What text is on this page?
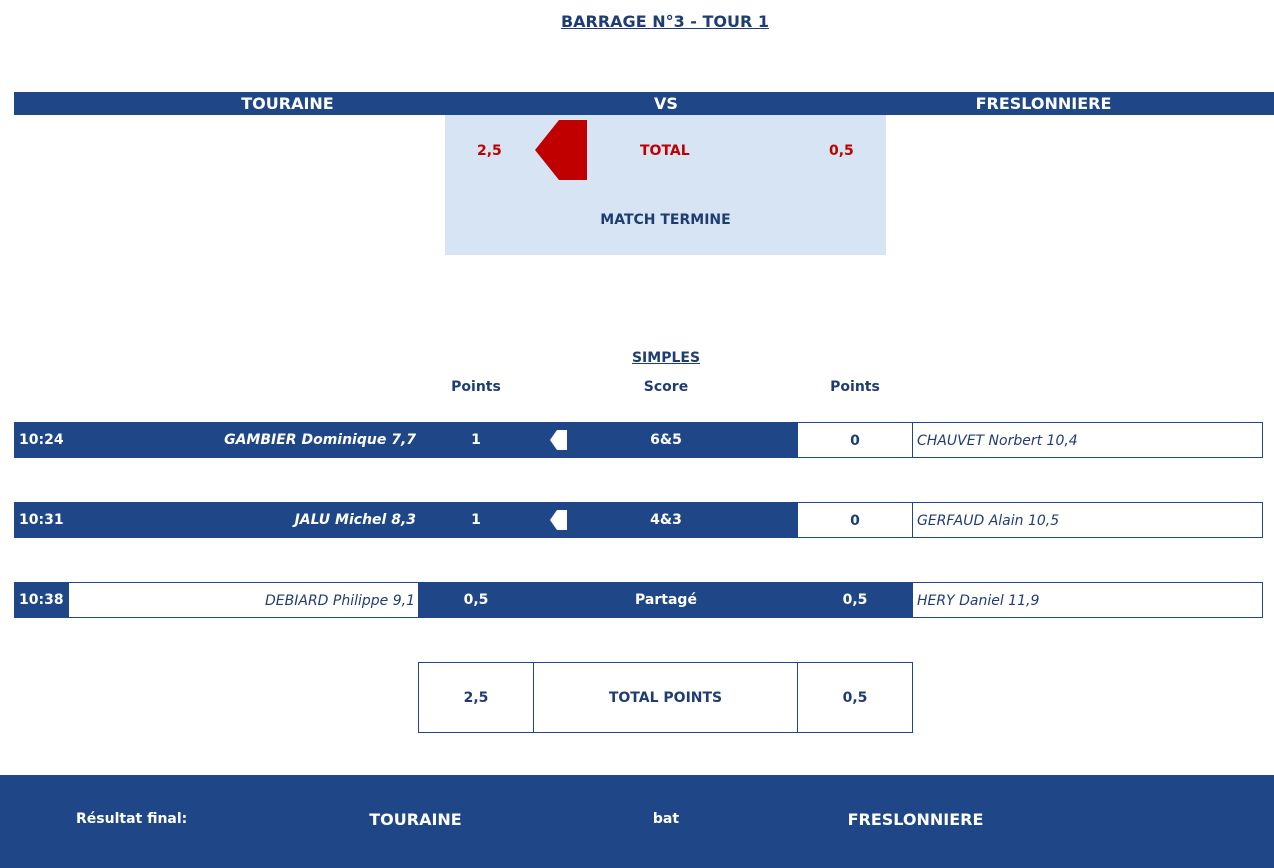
BARRAGE N°3 - TOUR 1
TOURAINE	VS	FRESLONNIERE
2,5	TOTAL	0,5
MATCH TERMINE
SIMPLES
Points	Score	Points
10:24	GAMBIER Dominique 7,7	1	6&5	0	CHAUVET Norbert 10,4
10:31	JALU Michel 8,3	1	4&3	0	GERFAUD Alain 10,5
10:38	DEBIARD Philippe 9,1	0,5	Partagé	0,5	HERY Daniel 11,9
2,5	TOTAL POINTS	0,5
Résultat final:	TOURAINE	bat	FRESLONNIERE
